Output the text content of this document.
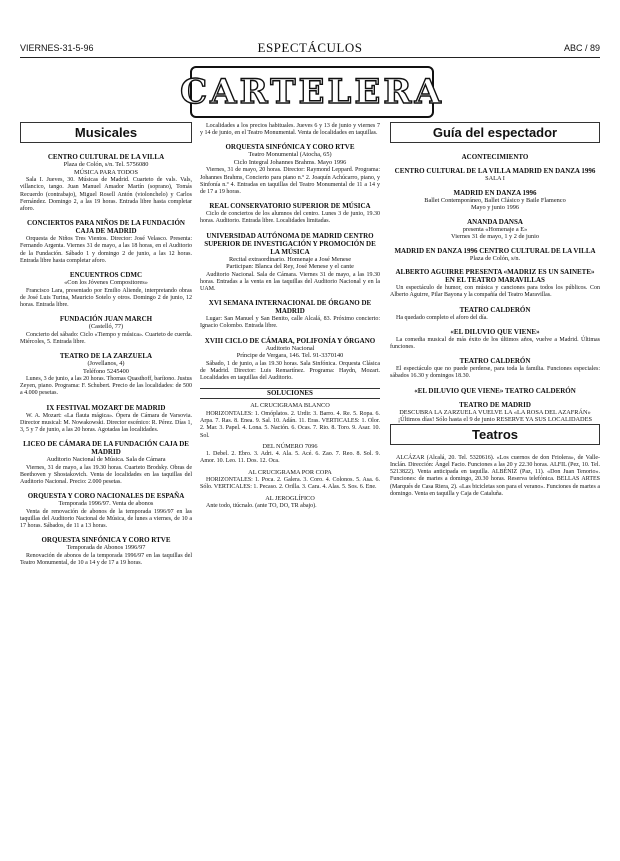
VIERNES-31-5-96	ESPECTÁCULOS	ABC / 89
CARTELERA
Musicales
CENTRO CULTURAL DE LA VILLA
Plaza de Colón, s/n. Tel. 5756080
MÚSICA PARA TODOS

Sala I. Jueves, 30. Músicas de Madrid. Cuarteto de vals. Vals, villancico, tango. Juan Manuel Amador Martín (soprano), Tomás Recuerdo (contrabajo), Miguel Rosell Antón (violonchelo) y Carlos Fernández. Domingo 2, a las 19 horas. Entrada libre hasta completar aforo.

CONCIERTOS PARA NIÑOS DE LA FUNDACIÓN CAJA DE MADRID

Orquesta de Niños Tres Vientos. Director: José Velasco. Presenta: Fernando Argenta. Viernes 31 de mayo, a las 18 horas, en el Auditorio de la Fundación. Sábado 1 y domingo 2 de junio, a las 12 horas. Entrada libre hasta completar aforo.

ENCUENTROS CDMC
«Con los Jóvenes Compositores»

Francisco Lara, presentado por Emilio Aliende, interpretando obras de José Luis Turina, Mauricio Sotelo y otros. Domingo 2 de junio, 12 horas. Entrada libre.

FUNDACIÓN JUAN MARCH
(Castelló, 77)

Concierto del sábado: Ciclo «Tiempo y música». Cuarteto de cuerda. Miércoles, 5. Entrada libre.

TEATRO DE LA ZARZUELA
(Jovellanos, 4)
Teléfono 5245400

Lunes, 3 de junio, a las 20 horas. Thomas Quasthoff, barítono. Justus Zeyen, piano. Programa: F. Schubert. Precio de las localidades: de 500 a 4.000 pesetas.

IX FESTIVAL MOZART DE MADRID

W. A. Mozart: «La flauta mágica». Ópera de Cámara de Varsovia. Director musical: M. Nowakowski. Director escénico: R. Pérez. Días 1, 3, 5 y 7 de junio, a las 20 horas. Agotadas las localidades.

LICEO DE CÁMARA DE LA FUNDACIÓN CAJA DE MADRID
Auditorio Nacional de Música. Sala de Cámara

Viernes, 31 de mayo, a las 19.30 horas. Cuarteto Brodsky. Obras de Beethoven y Shostakovich. Venta de localidades en las taquillas del Auditorio Nacional. Precio: 2.000 pesetas.

ORQUESTA Y CORO NACIONALES DE ESPAÑA
Temporada 1996/97. Venta de abonos

Venta de renovación de abonos de la temporada 1996/97 en las taquillas del Auditorio Nacional de Música, de lunes a viernes, de 10 a 17 horas. Sábados, de 11 a 13 horas.

ORQUESTA SINFÓNICA Y CORO RTVE
Temporada de Abonos 1996/97

Renovación de abonos de la temporada 1996/97 en las taquillas del Teatro Monumental, de 10 a 14 y de 17 a 19 horas.

Localidades a los precios habituales. Jueves 6 y 13 de junio y viernes 7 y 14 de junio, en el Teatro Monumental. Venta de localidades en taquillas.

ORQUESTA SINFÓNICA Y CORO RTVE
Teatro Monumental (Atocha, 65)
Ciclo Integral Johannes Brahms. Mayo 1996

Viernes, 31 de mayo, 20 horas. Director: Raymond Leppard. Programa: Johannes Brahms, Concierto para piano n.º 2. Joaquín Achúcarro, piano, y Sinfonía n.º 4. Entradas en taquillas del Teatro Monumental de 11 a 14 y de 17 a 19 horas.

REAL CONSERVATORIO SUPERIOR DE MÚSICA

Ciclo de conciertos de los alumnos del centro. Lunes 3 de junio, 19.30 horas. Auditorio. Entrada libre. Localidades limitadas.

UNIVERSIDAD AUTÓNOMA DE MADRID CENTRO SUPERIOR DE INVESTIGACIÓN Y PROMOCIÓN DE LA MÚSICA
Recital extraordinario. Homenaje a José Menese
Participan: Blanca del Rey, José Menese y el cante

Auditorio Nacional. Sala de Cámara. Viernes 31 de mayo, a las 19.30 horas. Entradas a la venta en las taquillas del Auditorio Nacional y en la UAM.

XVI SEMANA INTERNACIONAL DE ÓRGANO DE MADRID

Lugar: San Manuel y San Benito, calle Alcalá, 83. Próximo concierto: Ignacio Colombo. Entrada libre.

XVIII CICLO DE CÁMARA, POLIFONÍA Y ÓRGANO
Auditorio Nacional
Príncipe de Vergara, 146. Tel. 91-3370140

Sábado, 1 de junio, a las 19.30 horas. Sala Sinfónica. Orquesta Clásica de Madrid. Director: Luis Remartínez. Programa: Haydn, Mozart. Localidades en taquillas del Auditorio.

SOLUCIONES
AL CRUCIGRAMA BLANCO

HORIZONTALES: 1. Omóplatos. 2. Urdir. 3. Barro. 4. Re. 5. Ropa. 6. Arpa. 7. Ras. 8. Enea. 9. Sal. 10. Adán. 11. Eras. VERTICALES: 1. Olor. 2. Mar. 3. Papel. 4. Lona. 5. Nación. 6. Ocas. 7. Rio. 8. Toro. 9. Asar. 10. Sol.

DEL NÚMERO 7096

1. Debel. 2. Ebro. 3. Adri. 4. Ala. 5. Acé. 6. Zao. 7. Reo. 8. Sol. 9. Amor. 10. Leo. 11. Dos. 12. Oca.

AL CRUCIGRAMA POR COPA

HORIZONTALES: 1. Poca. 2. Galera. 3. Coro. 4. Colonos. 5. Asa. 6. Sólo. VERTICALES: 1. Pecaso. 2. Orilla. 3. Cara. 4. Alas. 5. Sos. 6. Ene.

AL JEROGLÍFICO

Ante todo, tiúcnalo. (ante TO, DO, TR abajo).

Guía del espectador
ACONTECIMIENTO
CENTRO CULTURAL DE LA VILLA MADRID EN DANZA 1996
SALA I
MADRID EN DANZA 1996
Ballet Contemporáneo, Ballet Clásico y Baile Flamenco
Mayo y junio 1996
ANANDA DANSA
presenta «Homenaje a E»
Viernes 31 de mayo, 1 y 2 de junio
MADRID EN DANZA 1996 CENTRO CULTURAL DE LA VILLA
Plaza de Colón, s/n.
ALBERTO AGUIRRE PRESENTA «MADRIZ ES UN SAINETE» EN EL TEATRO MARAVILLAS

Un espectáculo de humor, con música y canciones para todos los públicos. Con Alberto Aguirre, Pilar Bayona y la compañía del Teatro Maravillas.

TEATRO CALDERÓN

Ha quedado completo el aforo del día.

«EL DILUVIO QUE VIENE»

La comedia musical de más éxito de los últimos años, vuelve a Madrid. Últimas funciones.

TEATRO CALDERÓN

El espectáculo que no puede perderse, para toda la familia. Funciones especiales: sábados 16.30 y domingos 18.30.

«EL DILUVIO QUE VIENE» TEATRO CALDERÓN
TEATRO DE MADRID
DESCUBRA LA ZARZUELA VUELVE LA «LA ROSA DEL AZAFRÁN»
¡Últimos días! Sólo hasta el 9 de junio RESERVE YA SUS LOCALIDADES
Teatros

ALCÁZAR (Alcalá, 20. Tel. 5320616). «Los cuernos de don Friolera», de Valle-Inclán. Dirección: Ángel Facio. Funciones a las 20 y 22.30 horas. ALFIL (Pez, 10. Tel. 5213822). Venta anticipada en taquilla. ALBÉNIZ (Paz, 11). «Don Juan Tenorio». Funciones: de martes a domingo, 20.30 horas. Reserva telefónica. BELLAS ARTES (Marqués de Casa Riera, 2). «Las bicicletas son para el verano». Funciones de martes a domingo. Venta en taquilla y Caja de Cataluña.
